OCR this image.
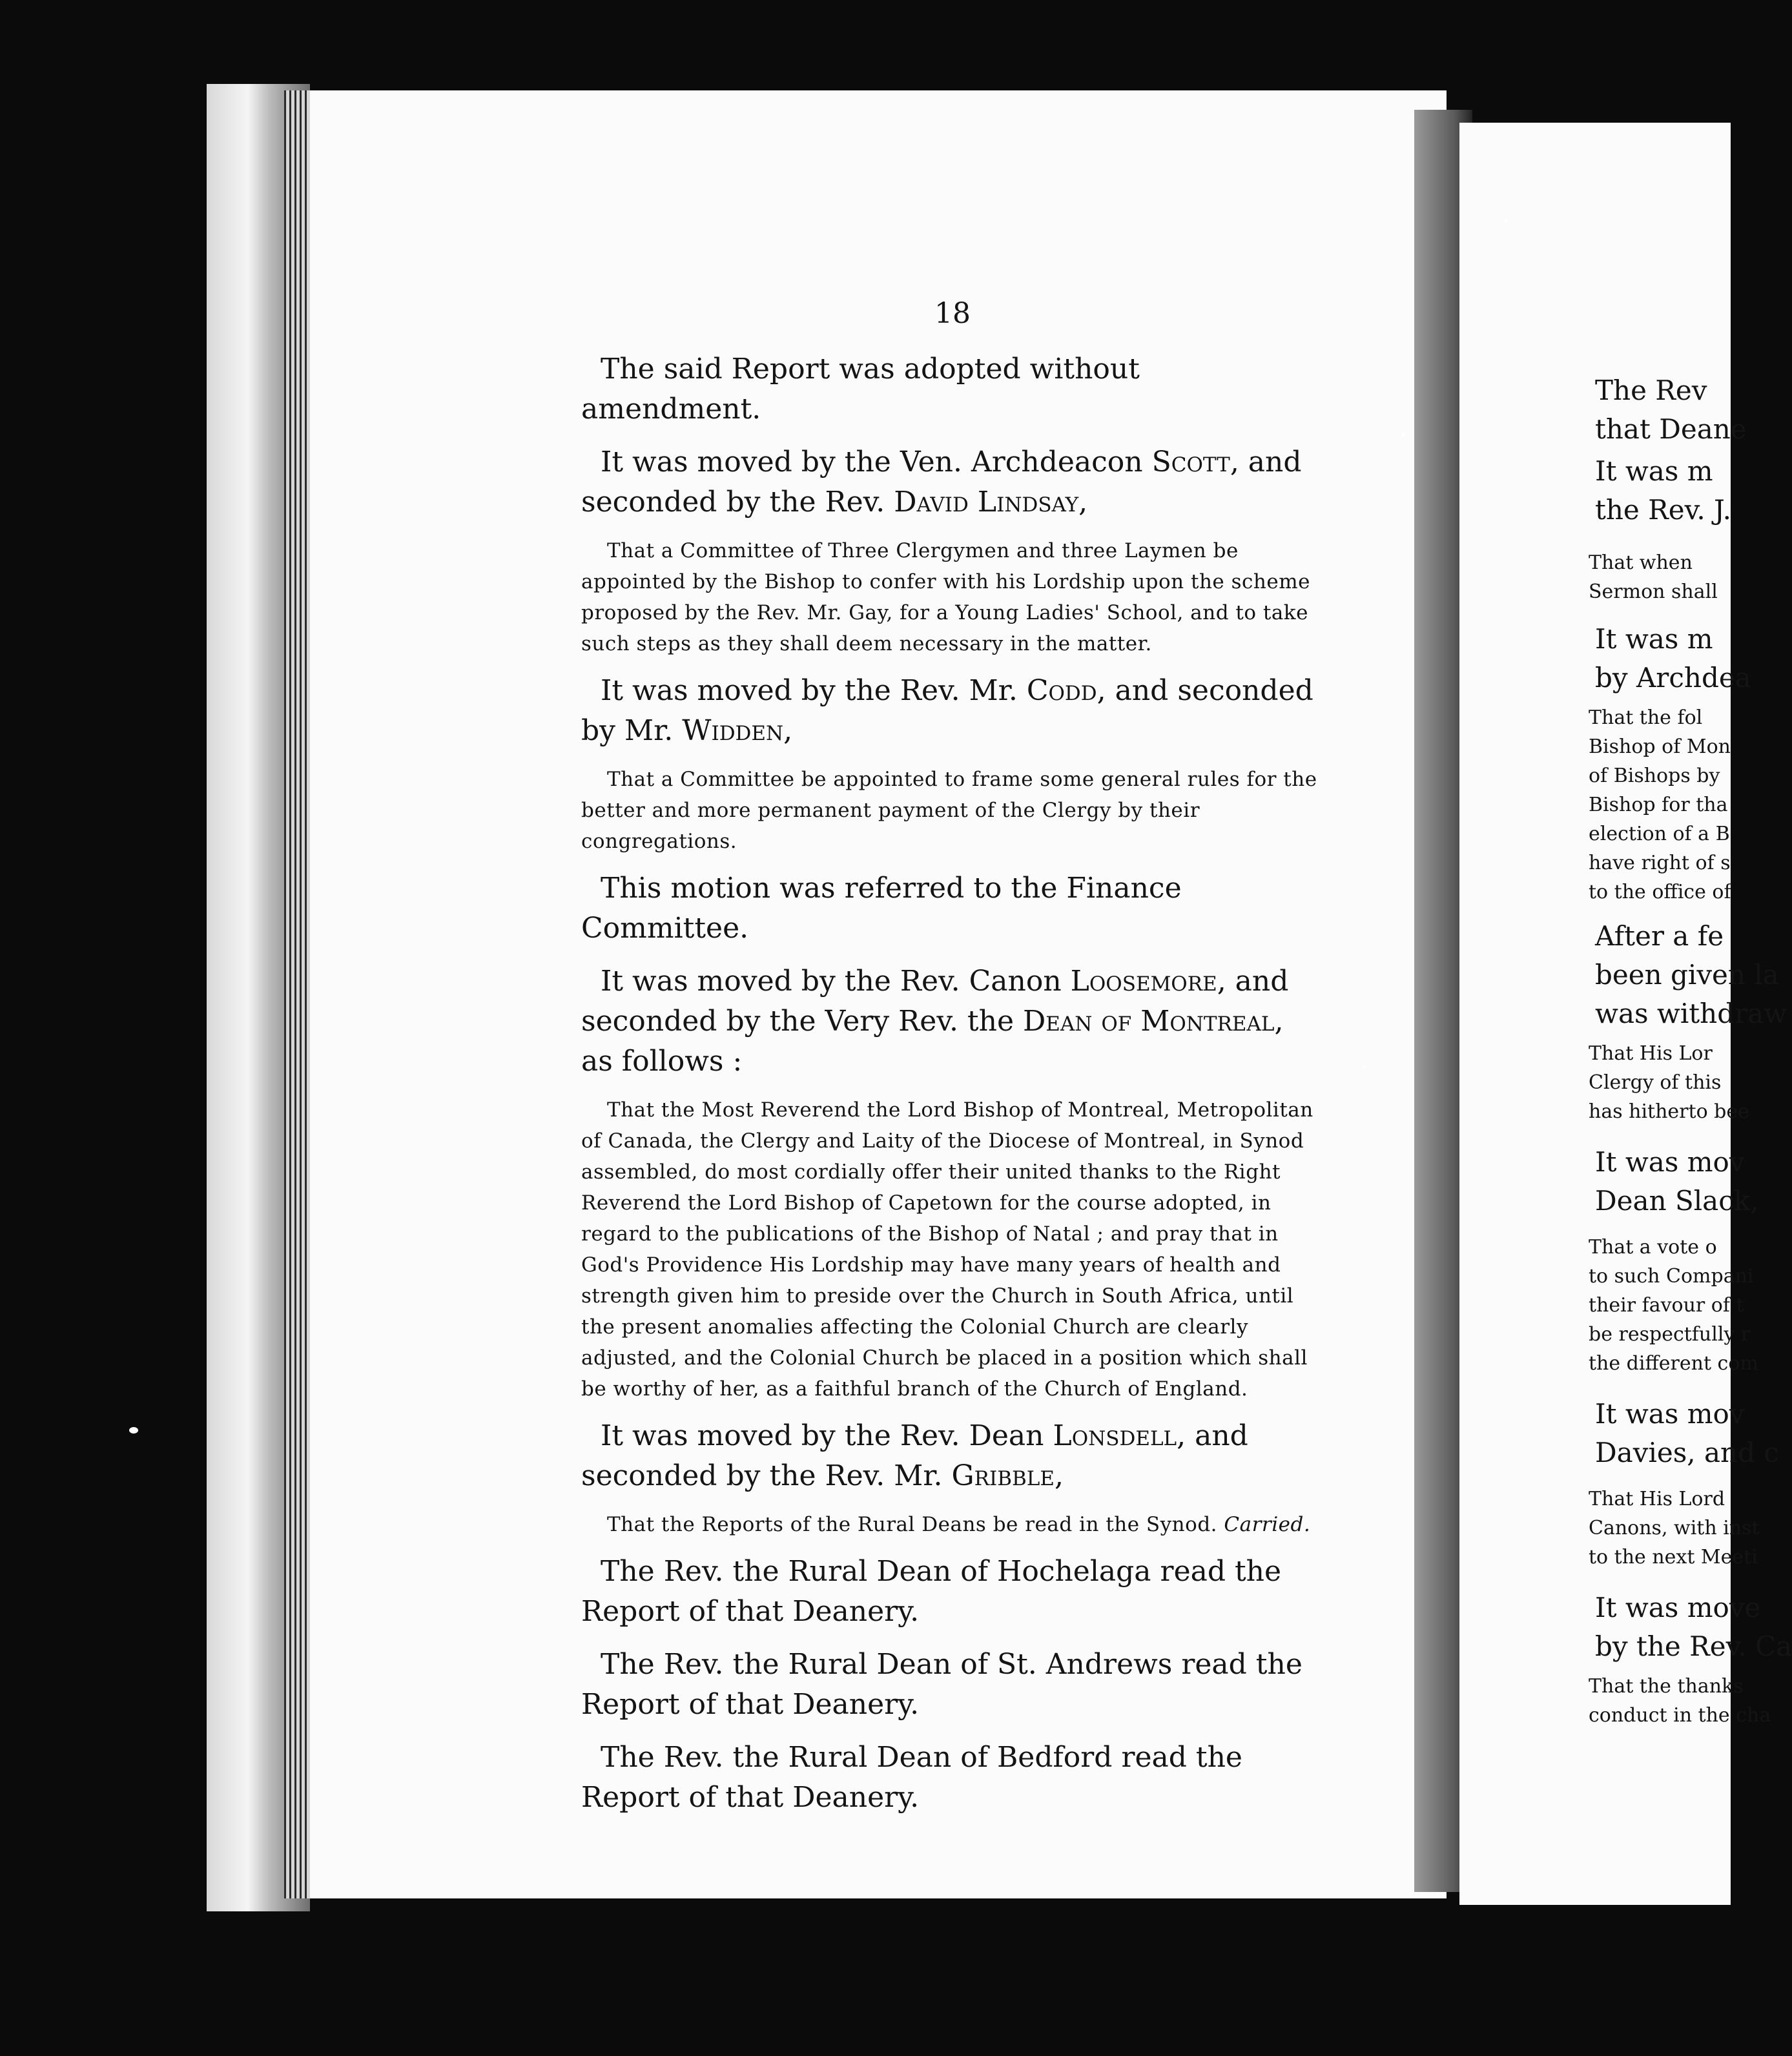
18

The said Report was adopted without amendment.

It was moved by the Ven. Archdeacon Scott, and seconded by the Rev. David Lindsay,

That a Committee of Three Clergymen and three Laymen be appointed by the Bishop to confer with his Lordship upon the scheme proposed by the Rev. Mr. Gay, for a Young Ladies' School, and to take such steps as they shall deem necessary in the matter.

It was moved by the Rev. Mr. Codd, and seconded by Mr. Widden,

That a Committee be appointed to frame some general rules for the better and more permanent payment of the Clergy by their congregations.

This motion was referred to the Finance Committee.

It was moved by the Rev. Canon Loosemore, and seconded by the Very Rev. the Dean of Montreal, as follows :

That the Most Reverend the Lord Bishop of Montreal, Metropolitan of Canada, the Clergy and Laity of the Diocese of Montreal, in Synod assembled, do most cordially offer their united thanks to the Right Reverend the Lord Bishop of Capetown for the course adopted, in regard to the publications of the Bishop of Natal ; and pray that in God's Providence His Lordship may have many years of health and strength given him to preside over the Church in South Africa, until the present anomalies affecting the Colonial Church are clearly adjusted, and the Colonial Church be placed in a position which shall be worthy of her, as a faithful branch of the Church of England.

It was moved by the Rev. Dean Lonsdell, and seconded by the Rev. Mr. Gribble,

That the Reports of the Rural Deans be read in the Synod. Carried.

The Rev. the Rural Dean of Hochelaga read the Report of that Deanery.

The Rev. the Rural Dean of St. Andrews read the Report of that Deanery.

The Rev. the Rural Dean of Bedford read the Report of that Deanery.

The Rev
that Deane
It was m
the Rev. J.
That when
Sermon shall
It was m
by Archdea
That the fol
Bishop of Mon
of Bishops by
Bishop for tha
election of a B
have right of s
to the office of
After a fe
been given la
was withdraw
That His Lor
Clergy of this
has hitherto bee
It was mov
Dean Slack,
That a vote o
to such Compani
their favour of t
be respectfully r
the different com
It was mov
Davies, and c
That His Lord
Canons, with inst
to the next Meeti
It was move
by the Rev. Ca
That the thanks
conduct in the cha
